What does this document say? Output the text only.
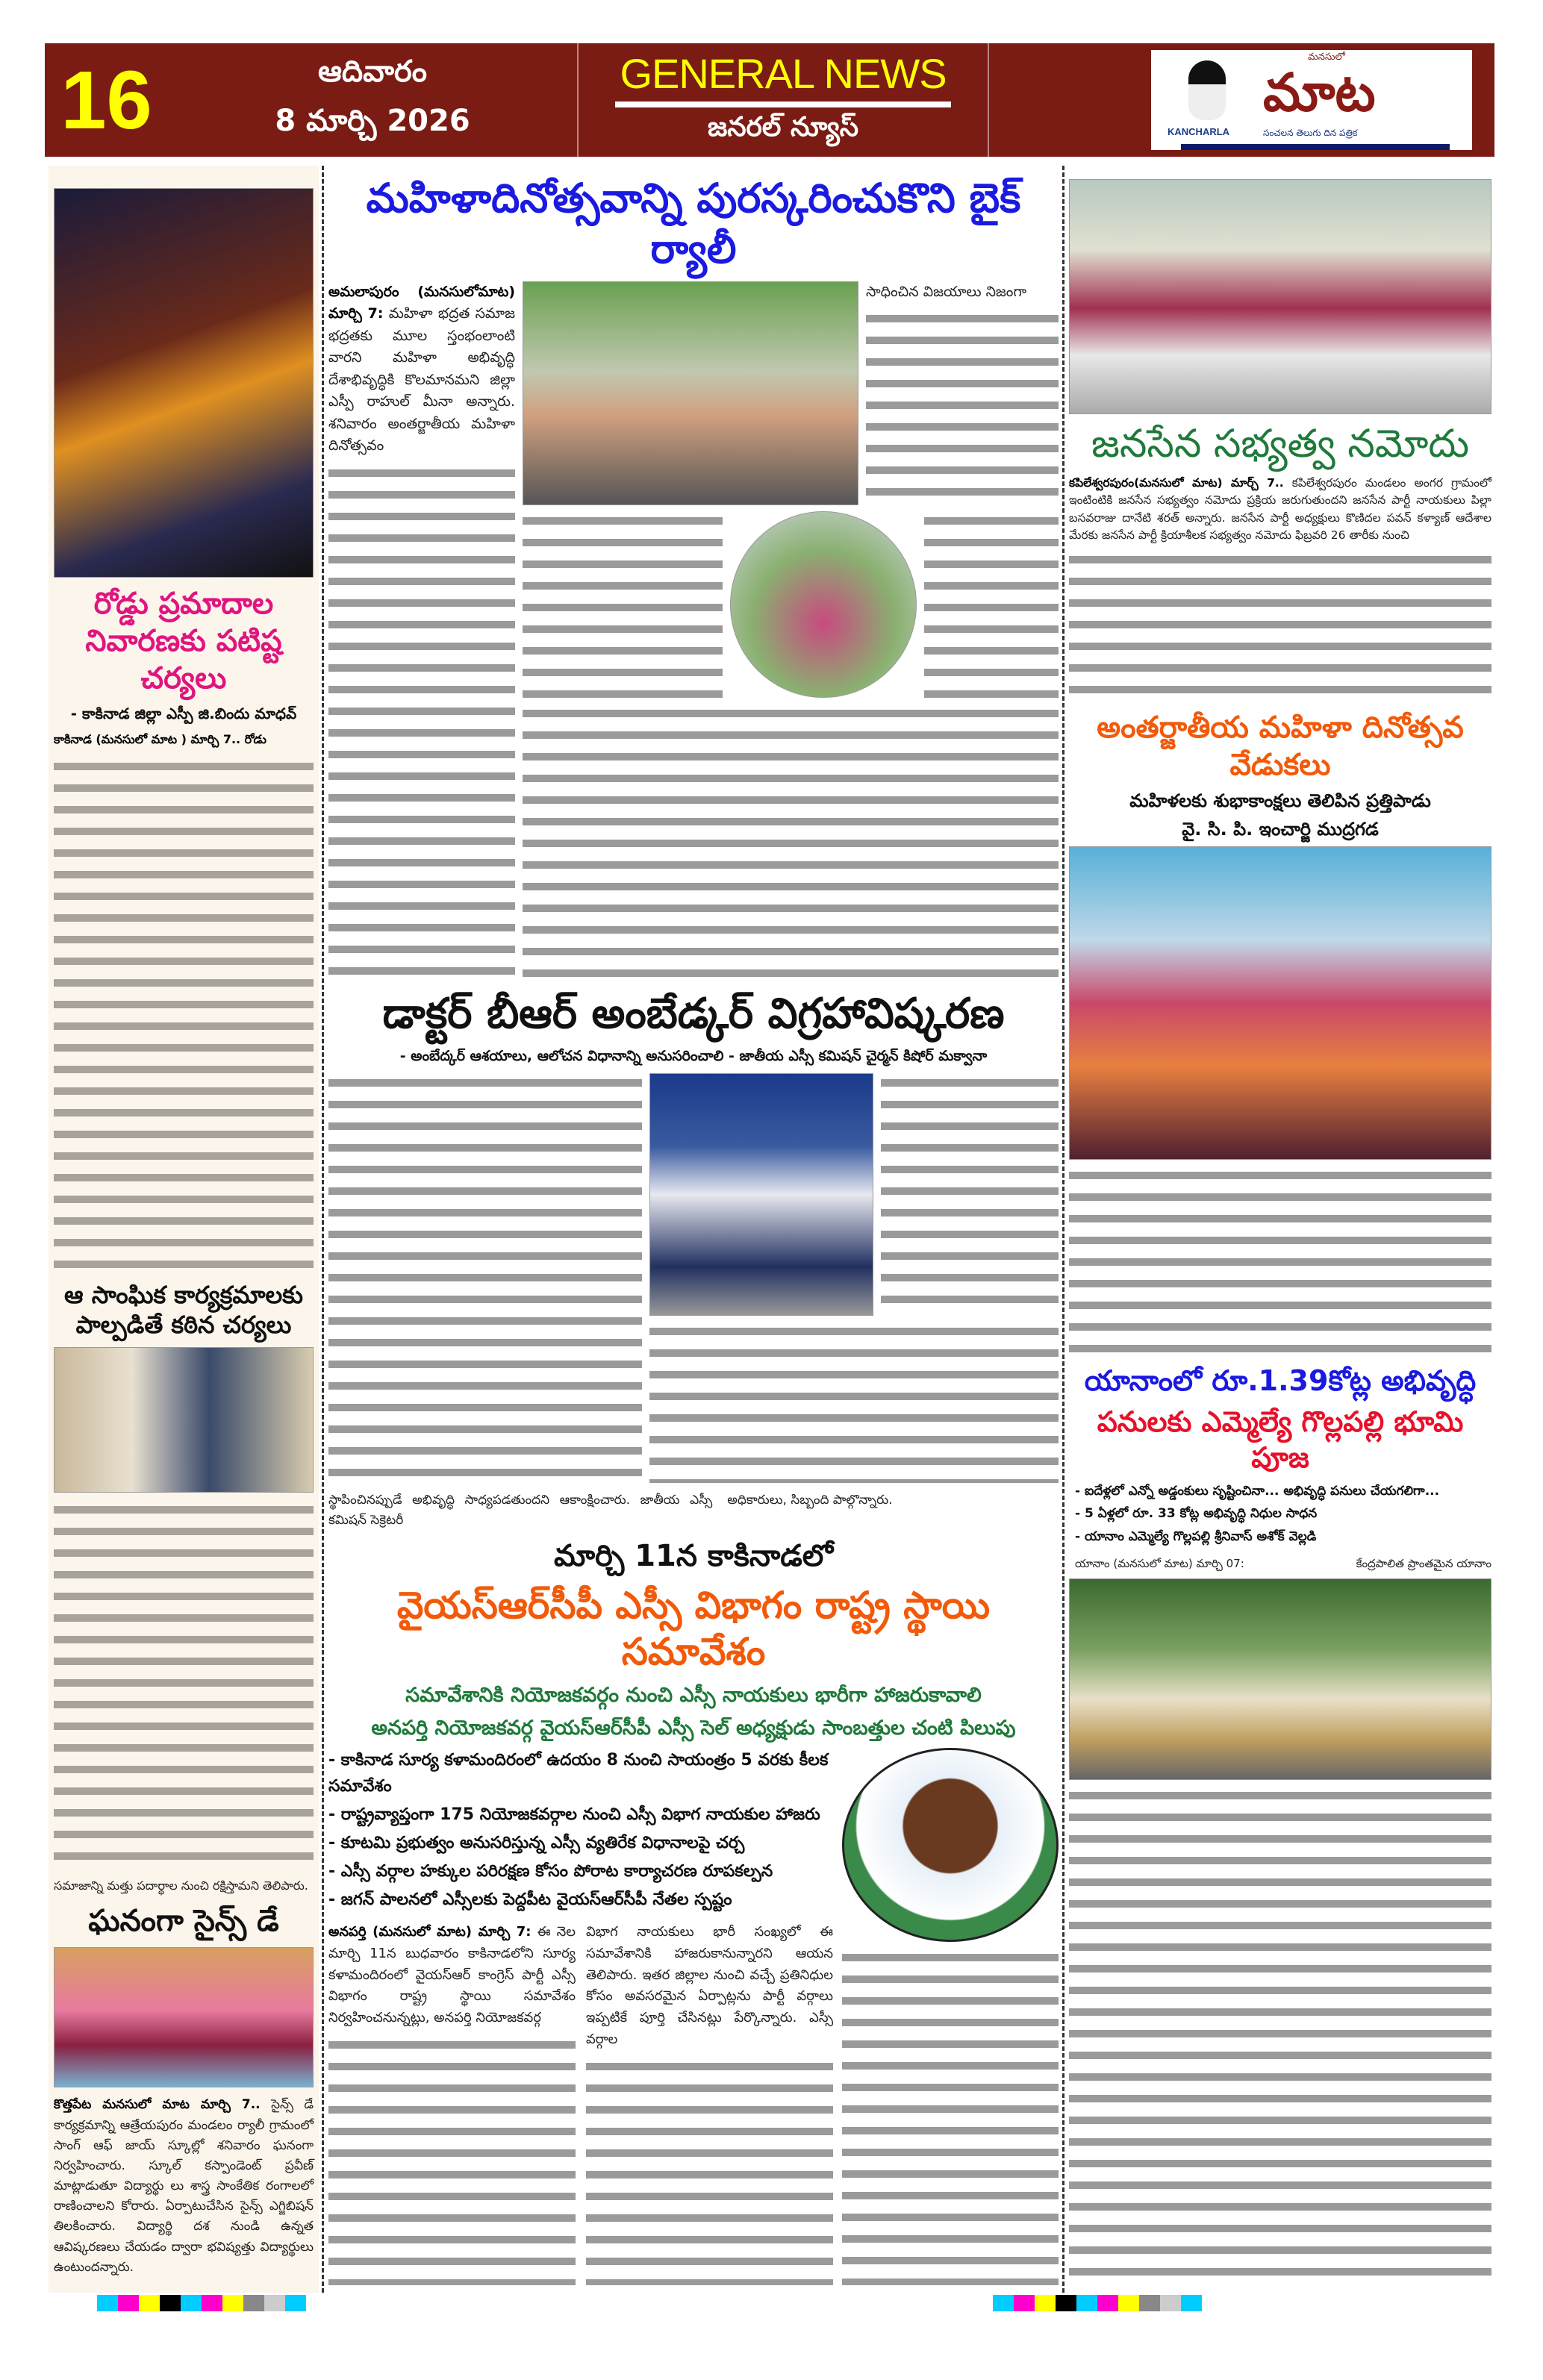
16	ఆదివారం
8 మార్చి 2026
GENERAL NEWS
జనరల్ న్యూస్	KANCHARLA
మనసులో
మాట
సంచలన తెలుగు దిన పత్రిక
రోడ్డు ప్రమాదాల నివారణకు పటిష్ట చర్యలు
- కాకినాడ జిల్లా ఎస్పీ జి.బిందు మాధవ్
కాకినాడ (మనసులో మాట ) మార్చి 7.. రోడు
ఆ సాంఘిక కార్యక్రమాలకు పాల్పడితే కఠిన చర్యలు
సమాజాన్ని మత్తు పదార్థాల నుంచి రక్షిస్తామని తెలిపారు.
ఘనంగా సైన్స్ డే
కొత్తపేట మనసులో మాట మార్చి 7.. సైన్స్ డే కార్యక్రమాన్ని ఆత్రేయపురం మండలం ర్యాలీ గ్రామంలో సాంగ్ ఆఫ్ జాయ్ స్కూల్లో శనివారం ఘనంగా నిర్వహించారు. స్కూల్ కస్పాండెంట్ ప్రవీణ్ మాట్లాడుతూ విద్యార్థు లు శాస్త్ర సాంకేతిక రంగాలలో రాణించాలని కోరారు. ఏర్పాటుచేసిన సైన్స్ ఎగ్జిబిషన్ తిలకించారు. విద్యార్థి దశ నుండి ఉన్నత ఆవిష్కరణలు చేయడం ద్వారా భవిష్యత్తు విద్యార్థులు ఉంటుందన్నారు.
మహిళాదినోత్సవాన్ని పురస్కరించుకొని బైక్ ర్యాలీ
అమలాపురం (మనసులోమాట) మార్చి 7: మహిళా భద్రత సమాజ భద్రతకు మూల స్తంభంలాంటి వారని మహిళా అభివృద్ధి దేశాభివృద్ధికి కొలమానమని జిల్లా ఎస్పీ రాహుల్ మీనా అన్నారు. శనివారం అంతర్జాతీయ మహిళా దినోత్సవం
సాధించిన విజయాలు నిజంగా
డాక్టర్ బీఆర్ అంబేడ్కర్ విగ్రహావిష్కరణ
- అంబేద్కర్ ఆశయాలు, ఆలోచన విధానాన్ని అనుసరించాలి - జాతీయ ఎస్సీ కమిషన్ చైర్మన్ కిషోర్ మక్వానా
స్థాపించినప్పుడే అభివృద్ధి సాధ్యపడతుందని ఆకాంక్షించారు. జాతీయ ఎస్సీ కమిషన్ సెక్రెటరీ
అధికారులు, సిబ్బంది పాల్గొన్నారు.
మార్చి 11న కాకినాడలో
వైయస్ఆర్‌సీపీ ఎస్సీ విభాగం రాష్ట్ర స్థాయి సమావేశం
సమావేశానికి నియోజకవర్గం నుంచి ఎస్సీ నాయకులు భారీగా హాజరుకావాలి
అనపర్తి నియోజకవర్గ వైయస్ఆర్‌సీపీ ఎస్సీ సెల్ అధ్యక్షుడు సాంబత్తుల చంటి పిలుపు
- కాకినాడ సూర్య కళామందిరంలో ఉదయం 8 నుంచి సాయంత్రం 5 వరకు కీలక సమావేశం
- రాష్ట్రవ్యాప్తంగా 175 నియోజకవర్గాల నుంచి ఎస్సీ విభాగ నాయకుల హాజరు
- కూటమి ప్రభుత్వం అనుసరిస్తున్న ఎస్సీ వ్యతిరేక విధానాలపై చర్చ
- ఎస్సీ వర్గాల హక్కుల పరిరక్షణ కోసం పోరాట కార్యాచరణ రూపకల్పన
- జగన్ పాలనలో ఎస్సీలకు పెద్దపీట వైయస్ఆర్‌సీపీ నేతల స్పష్టం
అనపర్తి (మనసులో మాట) మార్చి 7: ఈ నెల మార్చి 11న బుధవారం కాకినాడలోని సూర్య కళామందిరంలో వైయస్ఆర్ కాంగ్రెస్ పార్టీ ఎస్సీ విభాగం రాష్ట్ర స్థాయి సమావేశం నిర్వహించనున్నట్లు, అనపర్తి నియోజకవర్గ
విభాగ నాయకులు భారీ సంఖ్యలో ఈ సమావేశానికి హాజరుకానున్నారని ఆయన తెలిపారు. ఇతర జిల్లాల నుంచి వచ్చే ప్రతినిధుల కోసం అవసరమైన ఏర్పాట్లను పార్టీ వర్గాలు ఇప్పటికే పూర్తి చేసినట్లు పేర్కొన్నారు. ఎస్సీ వర్గాల
జనసేన సభ్యత్వ నమోదు
కపిలేశ్వరపురం(మనసులో మాట) మార్చ్ 7.. కపిలేశ్వరపురం మండలం అంగర గ్రామంలో ఇంటింటికి జనసేన సభ్యత్వం నమోదు ప్రక్రియ జరుగుతుందని జనసేన పార్టీ నాయకులు పిల్లా బసవరాజు దానేటి శరత్ అన్నారు. జనసేన పార్టీ అధ్యక్షులు కొణిదల పవన్ కళ్యాణ్ ఆదేశాల మేరకు జనసేన పార్టీ క్రియాశీలక సభ్యత్వం నమోదు ఫిబ్రవరి 26 తారీకు నుంచి
అంతర్జాతీయ మహిళా దినోత్సవ వేడుకలు
మహిళలకు శుభాకాంక్షలు తెలిపిన ప్రత్తిపాడు
వై. సి. పి. ఇంచార్జి ముద్రగడ
యానాంలో రూ.1.39కోట్ల అభివృద్ధి
పనులకు ఎమ్మెల్యే గొల్లపల్లి భూమి పూజ
- ఐదేళ్లలో ఎన్నో అడ్డంకులు సృష్టించినా... అభివృద్ధి పనులు చేయగలిగా...
- 5 ఏళ్లలో రూ. 33 కోట్ల అభివృద్ధి నిధుల సాధన
- యానాం ఎమ్మెల్యే గొల్లపల్లి శ్రీనివాస్ అశోక్ వెల్లడి
యానాం (మనసులో మాట) మార్చి 07:	కేంద్రపాలిత ప్రాంతమైన యానాం
